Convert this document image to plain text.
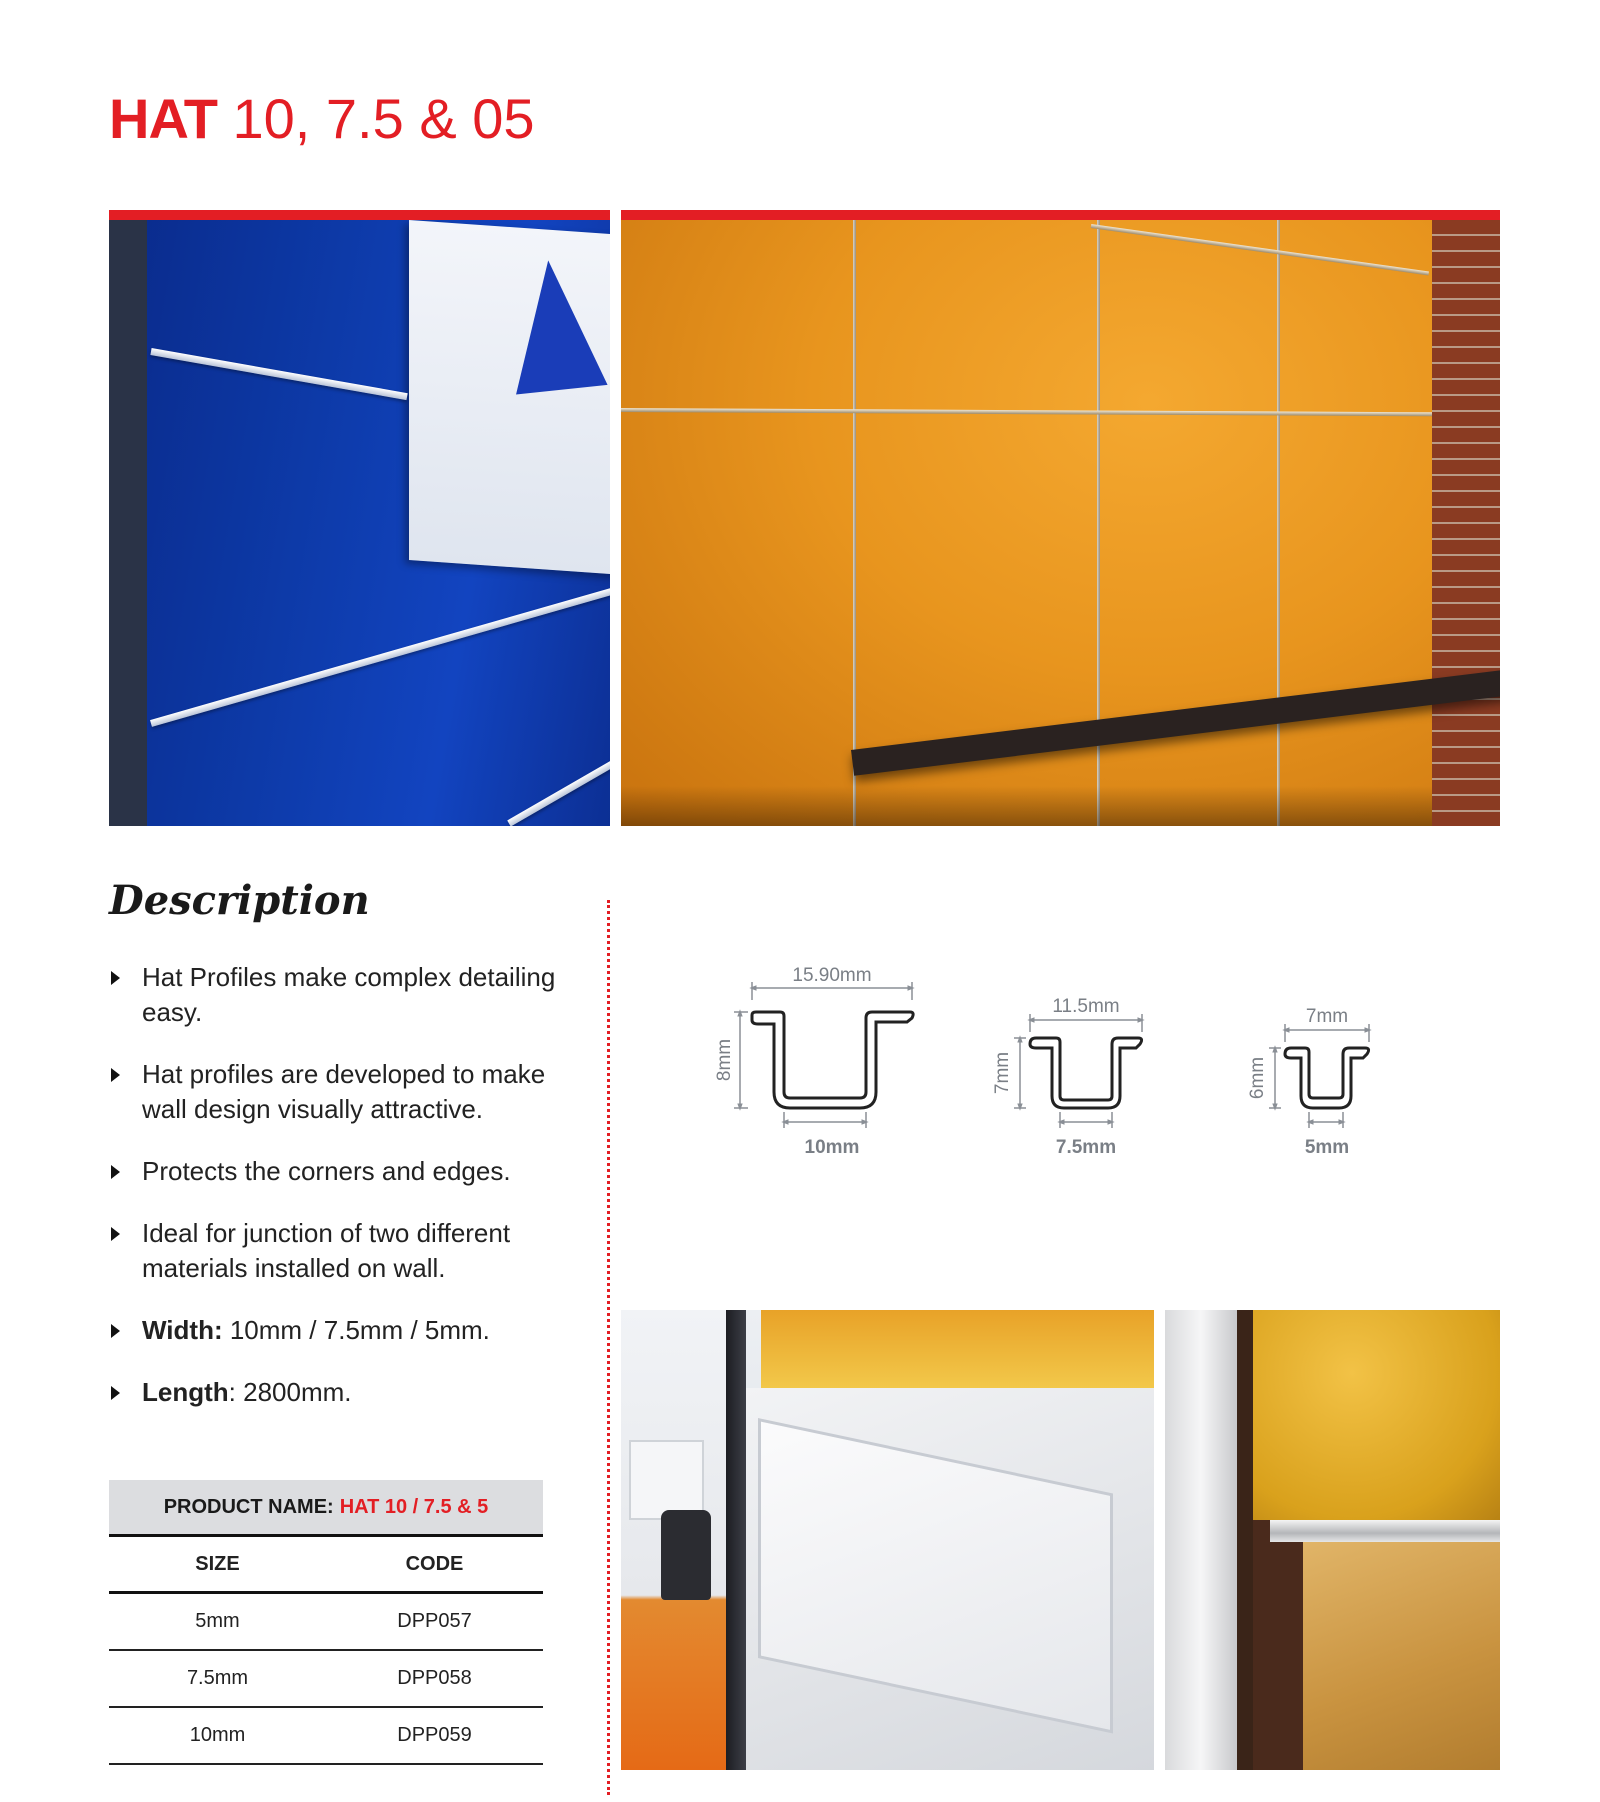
HAT 10, 7.5 & 05
Description
Hat Profiles make complex detailing easy.
Hat profiles are developed to make wall design visually attractive.
Protects the corners and edges.
Ideal for junction of two different materials installed on wall.
Width: 10mm / 7.5mm / 5mm.
Length: 2800mm.
PRODUCT NAME: HAT 10 / 7.5 & 5
SIZE	CODE
5mm	DPP057
7.5mm	DPP058
10mm	DPP059
15.90mm
8mm
10mm
11.5mm
7mm
7.5mm
7mm
6mm
5mm
